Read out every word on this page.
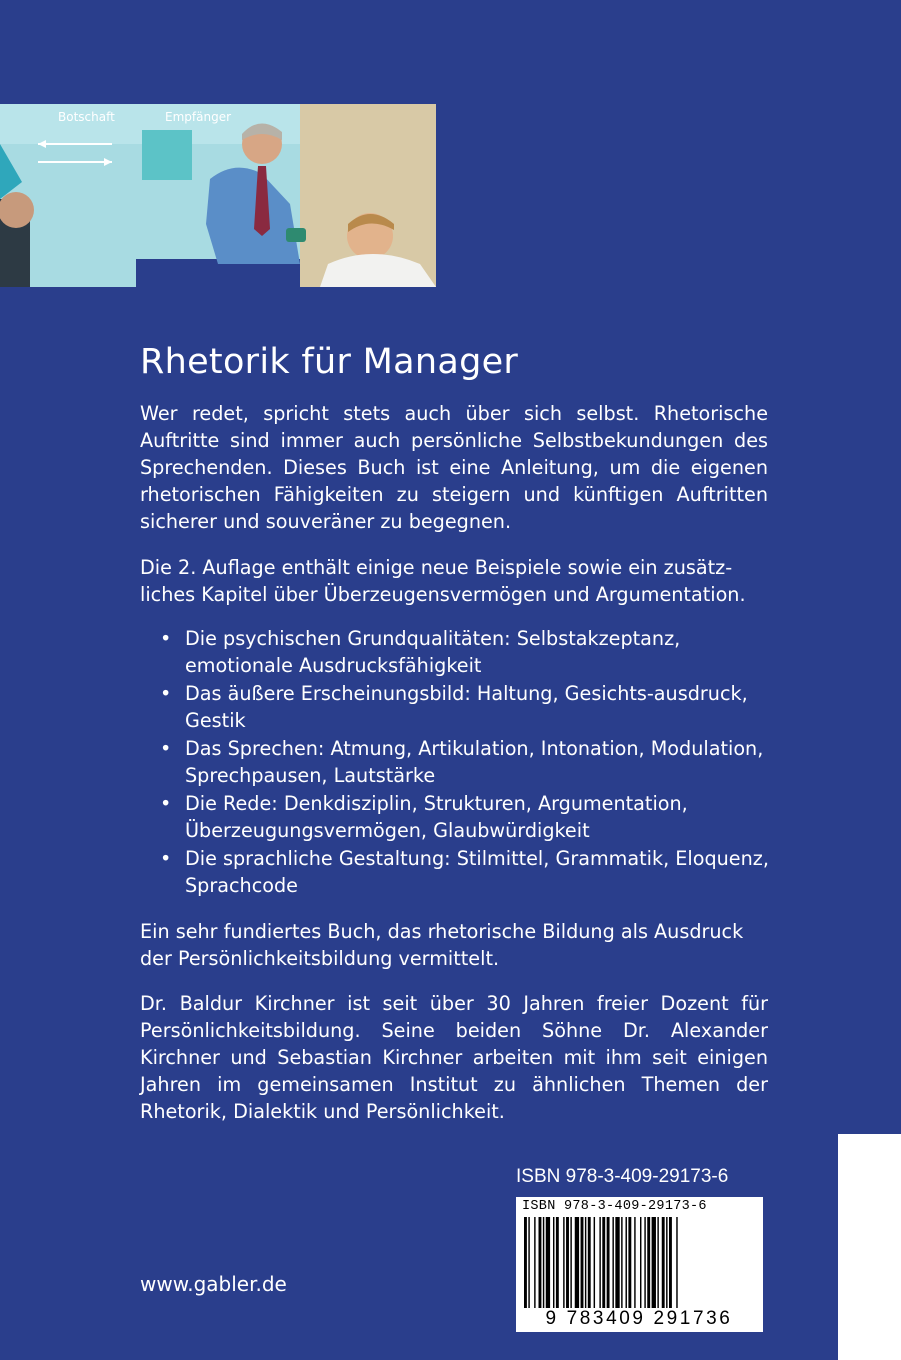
Botschaft	Empfänger
Rhetorik für Manager

Wer redet, spricht stets auch über sich selbst. Rhetorische Auftritte sind immer auch persönliche Selbstbekundungen des Sprechenden. Dieses Buch ist eine Anleitung, um die eigenen rhetorischen Fähigkeiten zu steigern und künftigen Auftritten sicherer und souveräner zu begegnen.

Die 2. Auflage enthält einige neue Beispiele sowie ein zusätz-liches Kapitel über Überzeugensvermögen und Argumentation.

• Die psychischen Grundqualitäten: Selbstakzeptanz, emotionale Ausdrucksfähigkeit
• Das äußere Erscheinungsbild: Haltung, Gesichts-ausdruck, Gestik
• Das Sprechen: Atmung, Artikulation, Intonation, Modulation, Sprechpausen, Lautstärke
• Die Rede: Denkdisziplin, Strukturen, Argumentation, Überzeugungsvermögen, Glaubwürdigkeit
• Die sprachliche Gestaltung: Stilmittel, Grammatik, Eloquenz, Sprachcode

Ein sehr fundiertes Buch, das rhetorische Bildung als Ausdruck der Persönlichkeitsbildung vermittelt.

Dr. Baldur Kirchner ist seit über 30 Jahren freier Dozent für Persönlichkeitsbildung. Seine beiden Söhne Dr. Alexander Kirchner und Sebastian Kirchner arbeiten mit ihm seit einigen Jahren im gemeinsamen Institut zu ähnlichen Themen der Rhetorik, Dialektik und Persönlichkeit.

ISBN 978-3-409-29173-6
ISBN 978-3-409-29173-6
9 783409 291736
www.gabler.de
